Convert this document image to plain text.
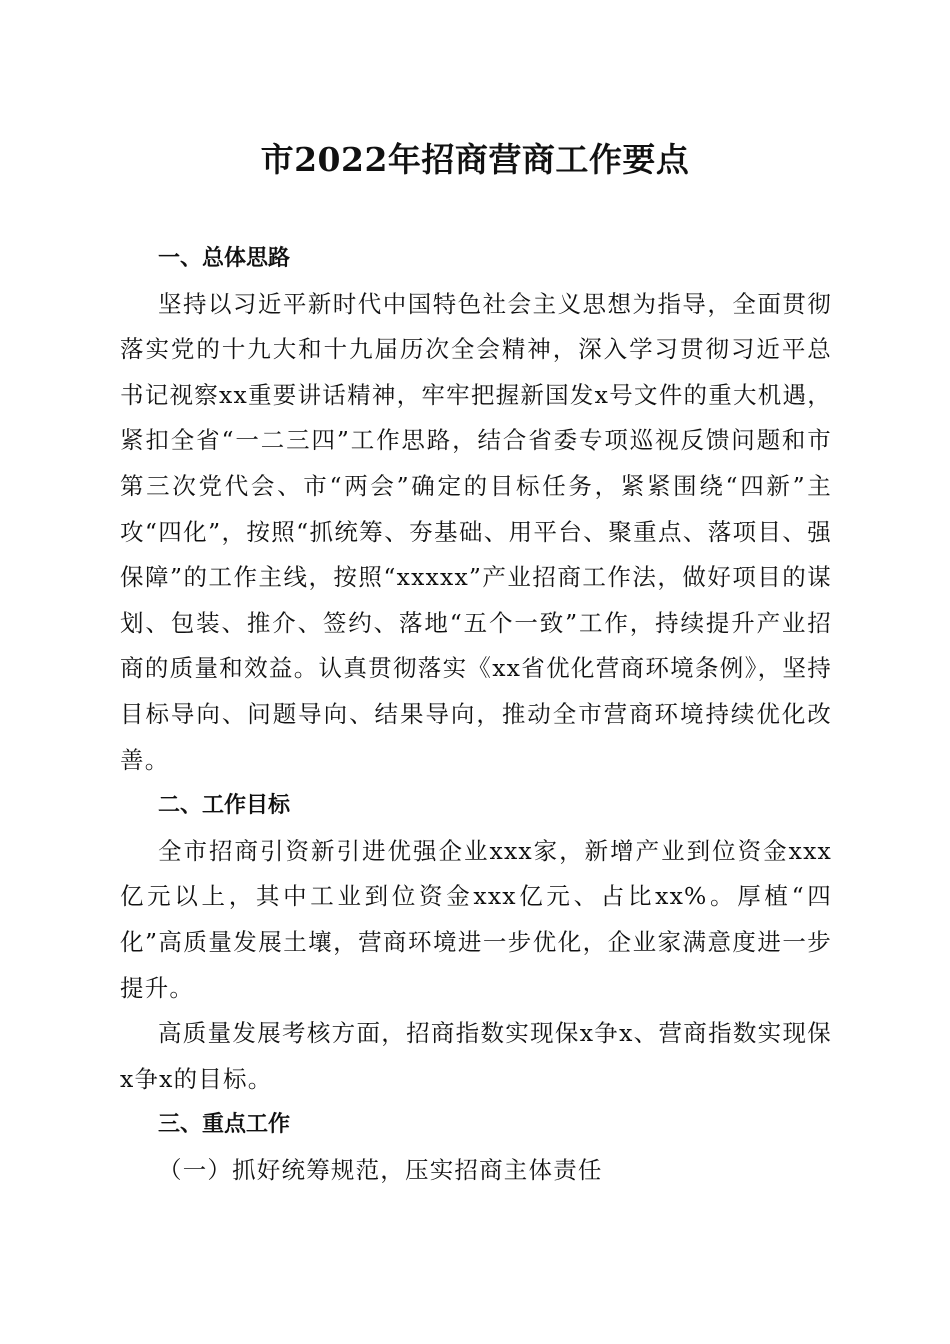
市2022年招商营商工作要点
一、总体思路

坚持以习近平新时代中国特色社会主义思想为指导，全面贯彻落实党的十九大和十九届历次全会精神，深入学习贯彻习近平总书记视察xx重要讲话精神，牢牢把握新国发x号文件的重大机遇，紧扣全省“一二三四”工作思路，结合省委专项巡视反馈问题和市第三次党代会、市“两会”确定的目标任务，紧紧围绕“四新”主攻“四化”，按照“抓统筹、夯基础、用平台、聚重点、落项目、强保障”的工作主线，按照“xxxxx”产业招商工作法，做好项目的谋划、包装、推介、签约、落地“五个一致”工作，持续提升产业招商的质量和效益。认真贯彻落实《xx省优化营商环境条例》，坚持目标导向、问题导向、结果导向，推动全市营商环境持续优化改善。

二、工作目标

全市招商引资新引进优强企业xxx家，新增产业到位资金xxx亿元以上，其中工业到位资金xxx亿元、占比xx%。厚植“四化”高质量发展土壤，营商环境进一步优化，企业家满意度进一步提升。

高质量发展考核方面，招商指数实现保x争x、营商指数实现保x争x的目标。

三、重点工作

（一）抓好统筹规范，压实招商主体责任
